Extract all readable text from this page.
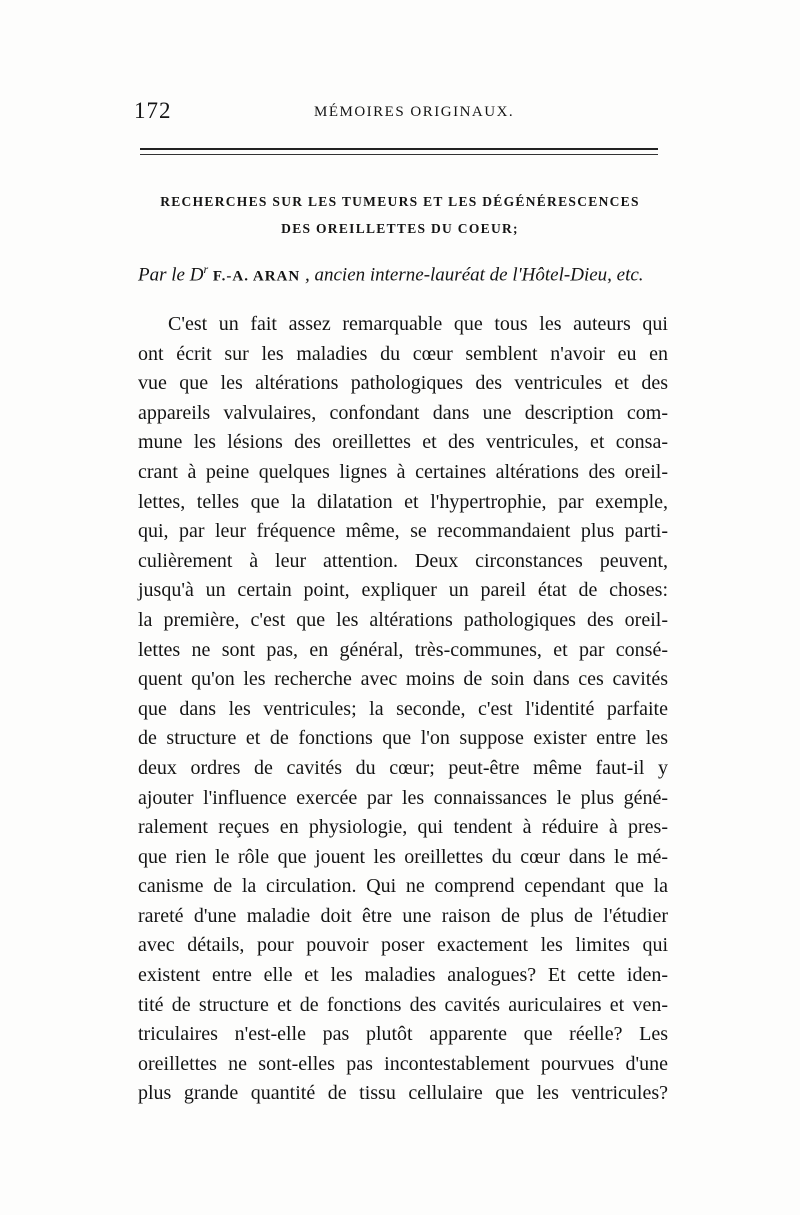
172	MÉMOIRES ORIGINAUX.
RECHERCHES SUR LES TUMEURS ET LES DÉGÉNÉRESCENCES
DES OREILLETTES DU COEUR;
Par le $D^r$ F.-A. ARAN , ancien interne-lauréat de l'Hôtel-Dieu, etc.
C'est un fait assez remarquable que tous les auteurs qui
ont écrit sur les maladies du cœur semblent n'avoir eu en
vue que les altérations pathologiques des ventricules et des
appareils valvulaires, confondant dans une description com-
mune les lésions des oreillettes et des ventricules, et consa-
crant à peine quelques lignes à certaines altérations des oreil-
lettes, telles que la dilatation et l'hypertrophie, par exemple,
qui, par leur fréquence même, se recommandaient plus parti-
culièrement à leur attention. Deux circonstances peuvent,
jusqu'à un certain point, expliquer un pareil état de choses:
la première, c'est que les altérations pathologiques des oreil-
lettes ne sont pas, en général, très-communes, et par consé-
quent qu'on les recherche avec moins de soin dans ces cavités
que dans les ventricules; la seconde, c'est l'identité parfaite
de structure et de fonctions que l'on suppose exister entre les
deux ordres de cavités du cœur; peut-être même faut-il y
ajouter l'influence exercée par les connaissances le plus géné-
ralement reçues en physiologie, qui tendent à réduire à pres-
que rien le rôle que jouent les oreillettes du cœur dans le mé-
canisme de la circulation. Qui ne comprend cependant que la
rareté d'une maladie doit être une raison de plus de l'étudier
avec détails, pour pouvoir poser exactement les limites qui
existent entre elle et les maladies analogues? Et cette iden-
tité de structure et de fonctions des cavités auriculaires et ven-
triculaires n'est-elle pas plutôt apparente que réelle? Les
oreillettes ne sont-elles pas incontestablement pourvues d'une
plus grande quantité de tissu cellulaire que les ventricules?
